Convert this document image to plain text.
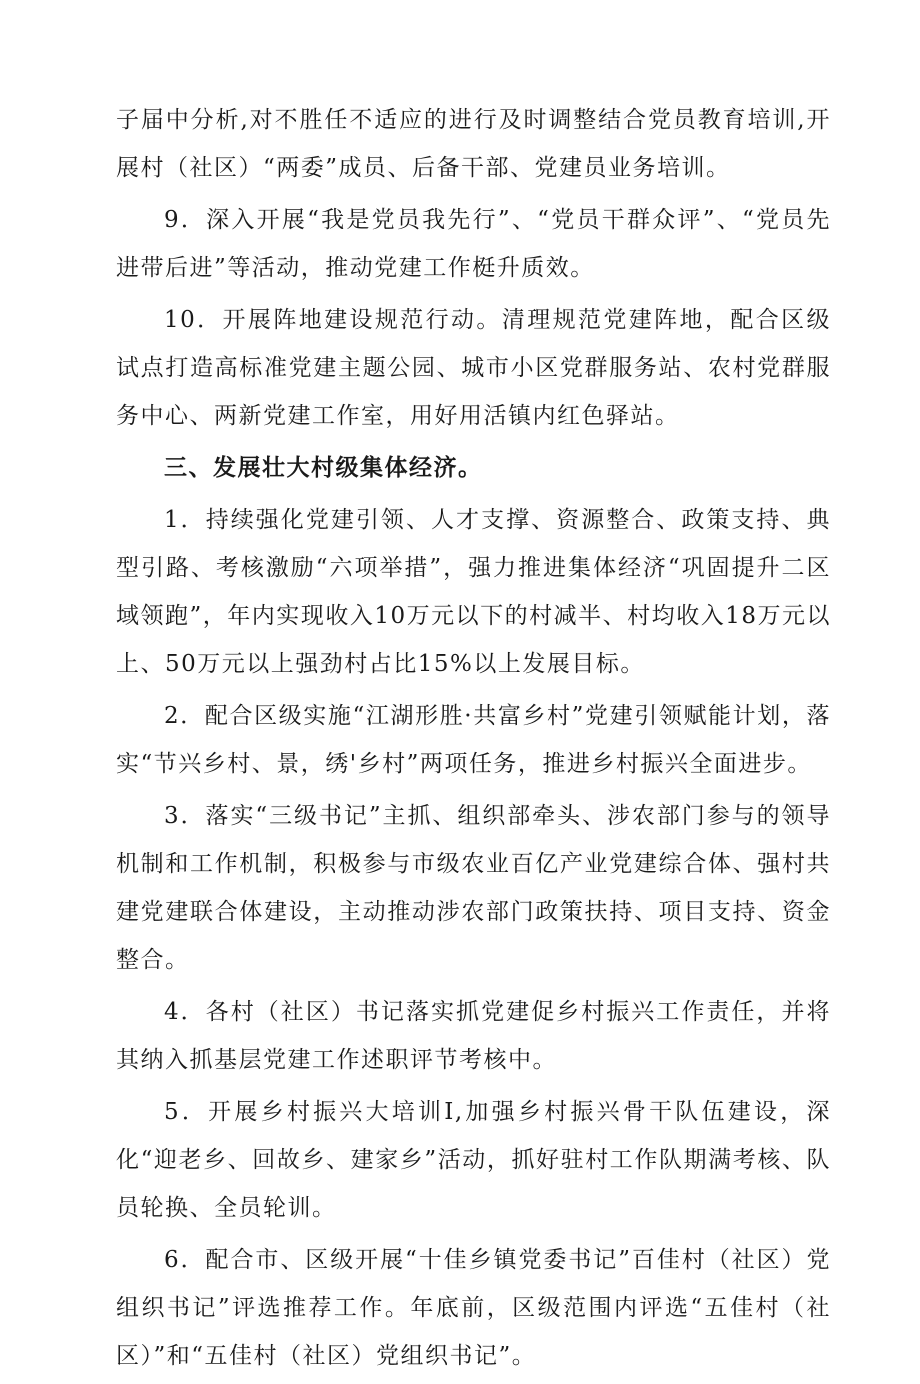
子届中分析,对不胜任不适应的进行及时调整结合党员教育培训,开展村（社区）“两委”成员、后备干部、党建员业务培训。

9．深入开展“我是党员我先行”、“党员干群众评”、“党员先进带后进”等活动，推动党建工作梃升质效。

10．开展阵地建设规范行动。清理规范党建阵地，配合区级试点打造高标准党建主题公园、城市小区党群服务站、农村党群服务中心、两新党建工作室，用好用活镇内红色驿站。

三、发展壮大村级集体经济。

1．持续强化党建引领、人才支撑、资源整合、政策支持、典型引路、考核激励“六项举措”，强力推进集体经济“巩固提升二区域领跑”，年内实现收入10万元以下的村减半、村均收入18万元以上、50万元以上强劲村占比15%以上发展目标。

2．配合区级实施“江湖形胜·共富乡村”党建引领赋能计划，落实“节兴乡村、景，绣'乡村”两项任务，推进乡村振兴全面进步。

3．落实“三级书记”主抓、组织部牵头、涉农部门参与的领导机制和工作机制，积极参与市级农业百亿产业党建综合体、强村共建党建联合体建设，主动推动涉农部门政策扶持、项目支持、资金整合。

4．各村（社区）书记落实抓党建促乡村振兴工作责任，并将其纳入抓基层党建工作述职评节考核中。

5．开展乡村振兴大培训I,加强乡村振兴骨干队伍建设，深化“迎老乡、回故乡、建家乡”活动，抓好驻村工作队期满考核、队员轮换、全员轮训。

6．配合市、区级开展“十佳乡镇党委书记”百佳村（社区）党组织书记”评选推荐工作。年底前，区级范围内评选“五佳村（社区）”和“五佳村（社区）党组织书记”。
